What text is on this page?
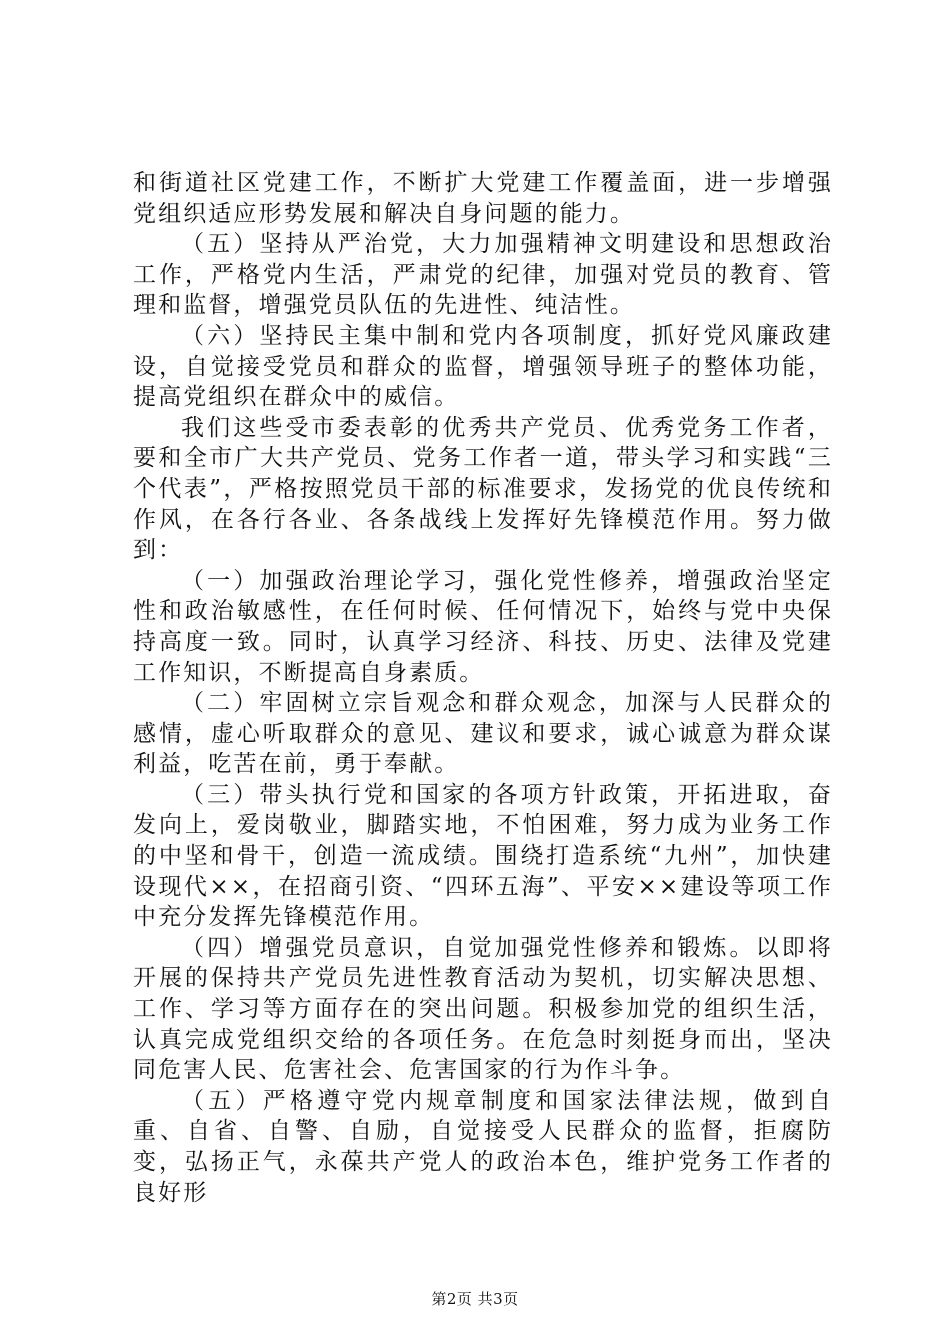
和街道社区党建工作，不断扩大党建工作覆盖面，进一步增强党组织适应形势发展和解决自身问题的能力。

（五）坚持从严治党，大力加强精神文明建设和思想政治工作，严格党内生活，严肃党的纪律，加强对党员的教育、管理和监督，增强党员队伍的先进性、纯洁性。

（六）坚持民主集中制和党内各项制度，抓好党风廉政建设，自觉接受党员和群众的监督，增强领导班子的整体功能，提高党组织在群众中的威信。

我们这些受市委表彰的优秀共产党员、优秀党务工作者，要和全市广大共产党员、党务工作者一道，带头学习和实践“三个代表”，严格按照党员干部的标准要求，发扬党的优良传统和作风，在各行各业、各条战线上发挥好先锋模范作用。努力做到：

（一）加强政治理论学习，强化党性修养，增强政治坚定性和政治敏感性，在任何时候、任何情况下，始终与党中央保持高度一致。同时，认真学习经济、科技、历史、法律及党建工作知识，不断提高自身素质。

（二）牢固树立宗旨观念和群众观念，加深与人民群众的感情，虚心听取群众的意见、建议和要求，诚心诚意为群众谋利益，吃苦在前，勇于奉献。

（三）带头执行党和国家的各项方针政策，开拓进取，奋发向上，爱岗敬业，脚踏实地，不怕困难，努力成为业务工作的中坚和骨干，创造一流成绩。围绕打造系统“九州”，加快建设现代××，在招商引资、“四环五海”、平安××建设等项工作中充分发挥先锋模范作用。

（四）增强党员意识，自觉加强党性修养和锻炼。以即将开展的保持共产党员先进性教育活动为契机，切实解决思想、工作、学习等方面存在的突出问题。积极参加党的组织生活，认真完成党组织交给的各项任务。在危急时刻挺身而出，坚决同危害人民、危害社会、危害国家的行为作斗争。

（五）严格遵守党内规章制度和国家法律法规，做到自重、自省、自警、自励，自觉接受人民群众的监督，拒腐防变，弘扬正气，永葆共产党人的政治本色，维护党务工作者的良好形

第2页 共3页
